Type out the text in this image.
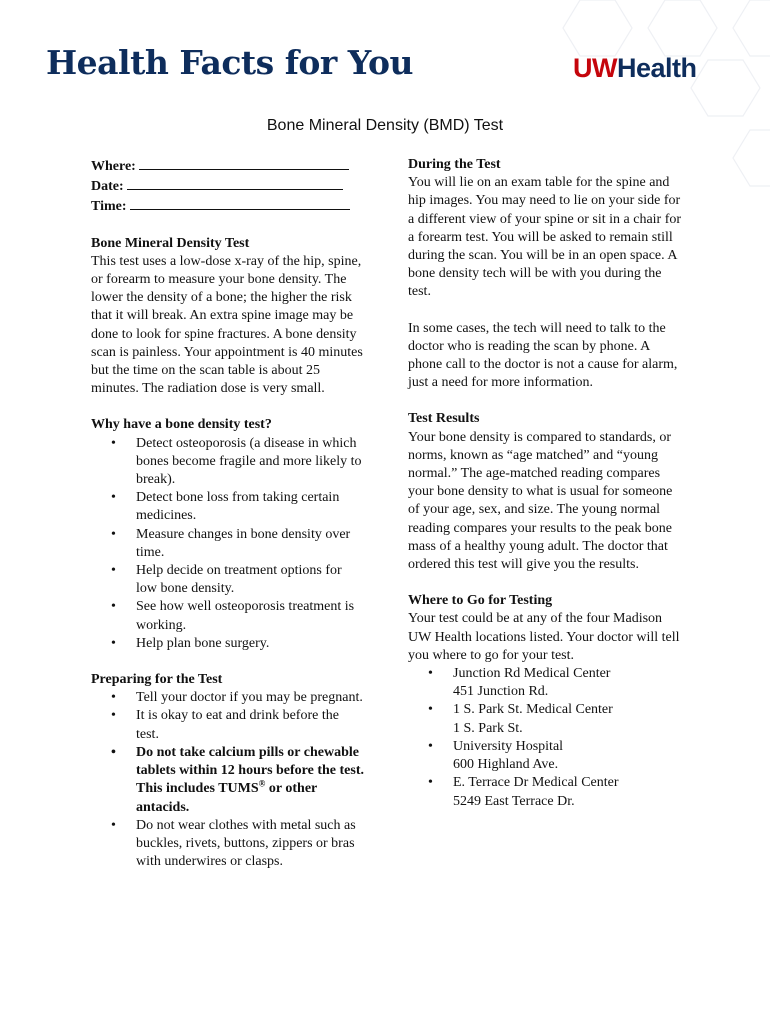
Health Facts for You	UWHealth
Bone Mineral Density (BMD) Test

Where:

Date:

Time:

Bone Mineral Density Test

This test uses a low-dose x-ray of the hip, spine, or forearm to measure your bone density. The lower the density of a bone; the higher the risk that it will break. An extra spine image may be done to look for spine fractures. A bone density scan is painless. Your appointment is 40 minutes but the time on the scan table is about 25 minutes. The radiation dose is very small.

Why have a bone density test?
• Detect osteoporosis (a disease in which bones become fragile and more likely to break).
• Detect bone loss from taking certain medicines.
• Measure changes in bone density over time.
• Help decide on treatment options for low bone density.
• See how well osteoporosis treatment is working.
• Help plan bone surgery.
Preparing for the Test
• Tell your doctor if you may be pregnant.
• It is okay to eat and drink before the test.
• Do not take calcium pills or chewable tablets within 12 hours before the test. This includes TUMS® or other antacids.
• Do not wear clothes with metal such as buckles, rivets, buttons, zippers or bras with underwires or clasps.
During the Test

You will lie on an exam table for the spine and hip images. You may need to lie on your side for a different view of your spine or sit in a chair for a forearm test. You will be asked to remain still during the scan. You will be in an open space. A bone density tech will be with you during the test.

In some cases, the tech will need to talk to the doctor who is reading the scan by phone. A phone call to the doctor is not a cause for alarm, just a need for more information.

Test Results

Your bone density is compared to standards, or norms, known as “age matched” and “young normal.” The age-matched reading compares your bone density to what is usual for someone of your age, sex, and size. The young normal reading compares your results to the peak bone mass of a healthy young adult. The doctor that ordered this test will give you the results.

Where to Go for Testing

Your test could be at any of the four Madison UW Health locations listed. Your doctor will tell you where to go for your test.

• Junction Rd Medical Center
451 Junction Rd.
• 1 S. Park St. Medical Center
1 S. Park St.
• University Hospital
600 Highland Ave.
• E. Terrace Dr Medical Center
5249 East Terrace Dr.
